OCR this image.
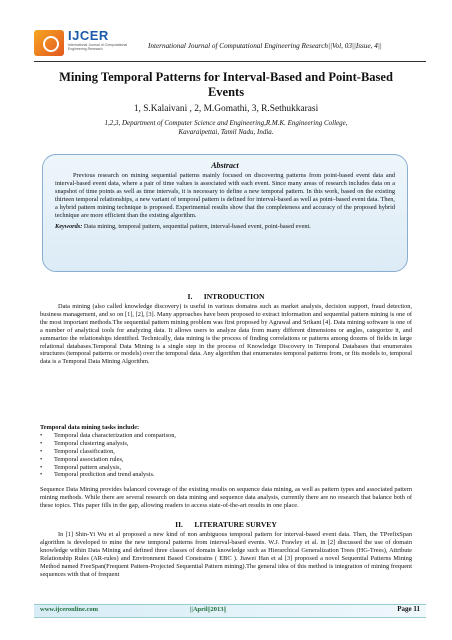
IJCER
International Journal of Computational Engineering Research	International Journal of Computational Engineering Research||Vol, 03||Issue, 4||
Mining Temporal Patterns for Interval-Based and Point-Based Events
1, S.Kalaivani , 2, M.Gomathi, 3, R.Sethukkarasi
1,2,3, Department of Computer Science and Engineering,R.M.K. Engineering College,
Kavaraipettai, Tamil Nadu, India.
Abstract
Previous research on mining sequential patterns mainly focused on discovering patterns from point-based event data and interval-based event data, where a pair of time values is associated with each event. Since many areas of research includes data on a snapshot of time points as well as time intervals, it is necessary to define a new temporal pattern. In this work, based on the existing thirteen temporal relationships, a new variant of temporal pattern is defined for interval-based as well as point–based event data. Then, a hybrid pattern mining technique is proposed. Experimental results show that the completeness and accuracy of the proposed hybrid technique are more efficient than the existing algorithm.
Keywords: Data mining, temporal pattern, sequential pattern, interval-based event, point-based event.
I.      INTRODUCTION
Data mining (also called knowledge discovery) is useful in various domains such as market analysis, decision support, fraud detection, business management, and so on [1], [2], [3]. Many approaches have been proposed to extract information and sequential pattern mining is one of the most important methods.The sequential pattern mining problem was first proposed by Agrawal and Srikant [4]. Data mining software is one of a number of analytical tools for analyzing data. It allows users to analyze data from many different dimensions or angles, categorize it, and summarize the relationships identified. Technically, data mining is the process of finding correlations or patterns among dozens of fields in large relational databases.Temporal Data Mining is a single step in the process of Knowledge Discovery in Temporal Databases that enumerates structures (temporal patterns or models) over the temporal data. Any algorithm that enumerates temporal patterns from, or fits models to, temporal data is a Temporal Data Mining Algorithm.
Temporal data mining tasks include:
•	Temporal data characterization and comparison,
•	Temporal clustering analysis,
•	Temporal classification,
•	Temporal association rules,
•	Temporal pattern analysis,
•	Temporal prediction and trend analysis.
Sequence Data Mining provides balanced coverage of the existing results on sequence data mining, as well as pattern types and associated pattern mining methods. While there are several research on data mining and sequence data analysis, currently there are no research that balance both of these topics. This paper fills in the gap, allowing readers to access state-of-the-art results in one place.
II.      LITERATURE SURVEY
In [1] Shin-Yi Wu et al proposed a new kind of non ambiguous temporal pattern for interval-based event data. Then, the TPrefixSpan algorithm is developed to mine the new temporal patterns from interval-based events. W.J. Frawley et al. in [2] discussed the use of domain knowledge within Data Mining and defined three classes of domain knowledge such as Hierarchical Generalization Trees (HG-Trees), Attribute Relationship Rules (AR-rules) and Environment Based Constrains ( EBC ). Jiawei Han et al [3] proposed a novel Sequential Patterns Mining Method named FreeSpan(Frequent Pattern-Projected Sequential Pattern mining).The general idea of this method is integration of mining frequent sequences with that of frequent
www.ijceronline.com	||April||2013||	Page 11
